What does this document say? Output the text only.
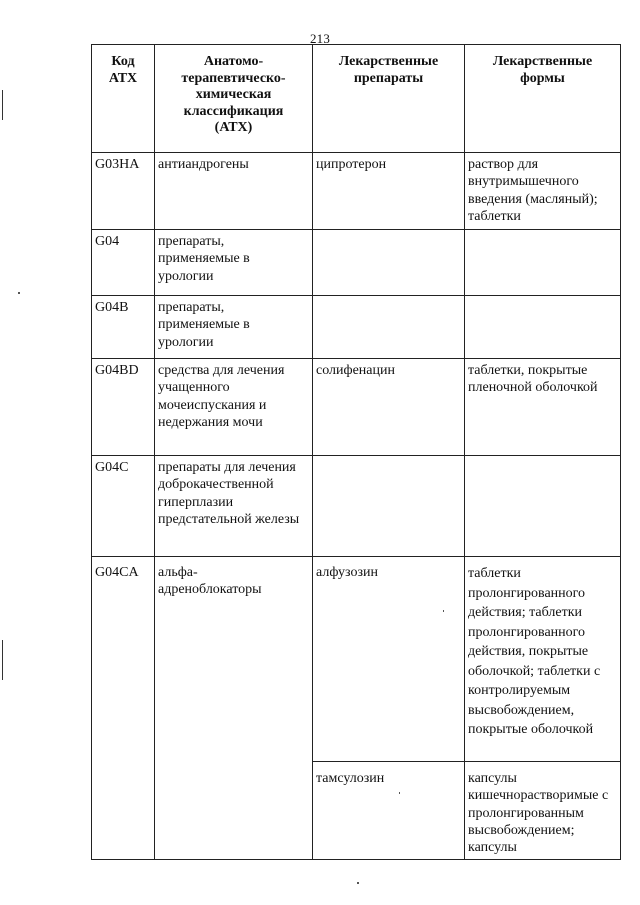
213
Код АТХ	Анатомо-терапевтическо-химическая классификация (АТХ)	Лекарственные препараты	Лекарственные формы
G03HA	антиандрогены	ципротерон	раствор для внутримышечного введения (масляный); таблетки
G04	препараты, применяемые в урологии		
G04B	препараты, применяемые в урологии		
G04BD	средства для лечения учащенного мочеиспускания и недержания мочи	солифенацин	таблетки, покрытые пленочной оболочкой
G04C	препараты для лечения доброкачественной гиперплазии предстательной железы		
G04CA	альфа-адреноблокаторы	алфузозин	таблетки пролонгированного действия; таблетки пролонгированного действия, покрытые оболочкой; таблетки с контролируемым высвобождением, покрытые оболочкой
		тамсулозин	капсулы кишечнорастворимые с пролонгированным высвобождением; капсулы
